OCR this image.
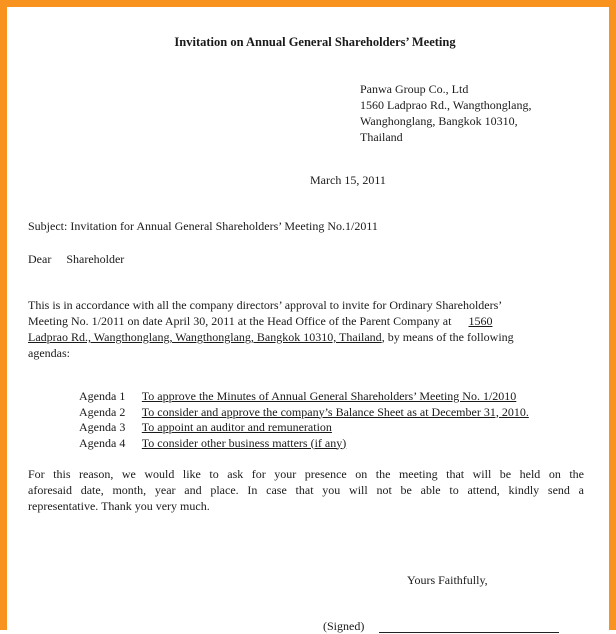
Invitation on Annual General Shareholders’ Meeting
Panwa Group Co., Ltd
1560 Ladprao Rd., Wangthonglang,
Wanghonglang, Bangkok 10310,
Thailand
March 15, 2011
Subject: Invitation for Annual General Shareholders’ Meeting No.1/2011
Dear Shareholder
This is in accordance with all the company directors’ approval to invite for Ordinary Shareholders’
Meeting No. 1/2011 on date April 30, 2011 at the Head Office of the Parent Company at 1560
Ladprao Rd., Wangthonglang, Wangthonglang, Bangkok 10310, Thailand, by means of the following
agendas:
Agenda 1 To approve the Minutes of Annual General Shareholders’ Meeting No. 1/2010
Agenda 2 To consider and approve the company’s Balance Sheet as at December 31, 2010.
Agenda 3 To appoint an auditor and remuneration
Agenda 4 To consider other business matters (if any)
For this reason, we would like to ask for your presence on the meeting that will be held on the
aforesaid date, month, year and place. In case that you will not be able to attend, kindly send a
representative. Thank you very much.
Yours Faithfully,
(Signed)
